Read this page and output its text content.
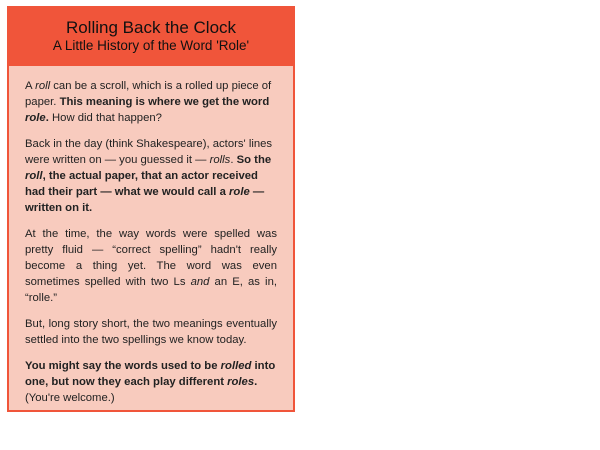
Rolling Back the Clock
A Little History of the Word 'Role'

A roll can be a scroll, which is a rolled up piece of paper. This meaning is where we get the word role. How did that happen?

Back in the day (think Shakespeare), actors' lines were written on — you guessed it — rolls. So the roll, the actual paper, that an actor received had their part — what we would call a role — written on it.

At the time, the way words were spelled was pretty fluid — “correct spelling” hadn't really become a thing yet. The word was even sometimes spelled with two Ls and an E, as in, “rolle.”

But, long story short, the two meanings eventually settled into the two spellings we know today.

You might say the words used to be rolled into one, but now they each play different roles. (You're welcome.)
